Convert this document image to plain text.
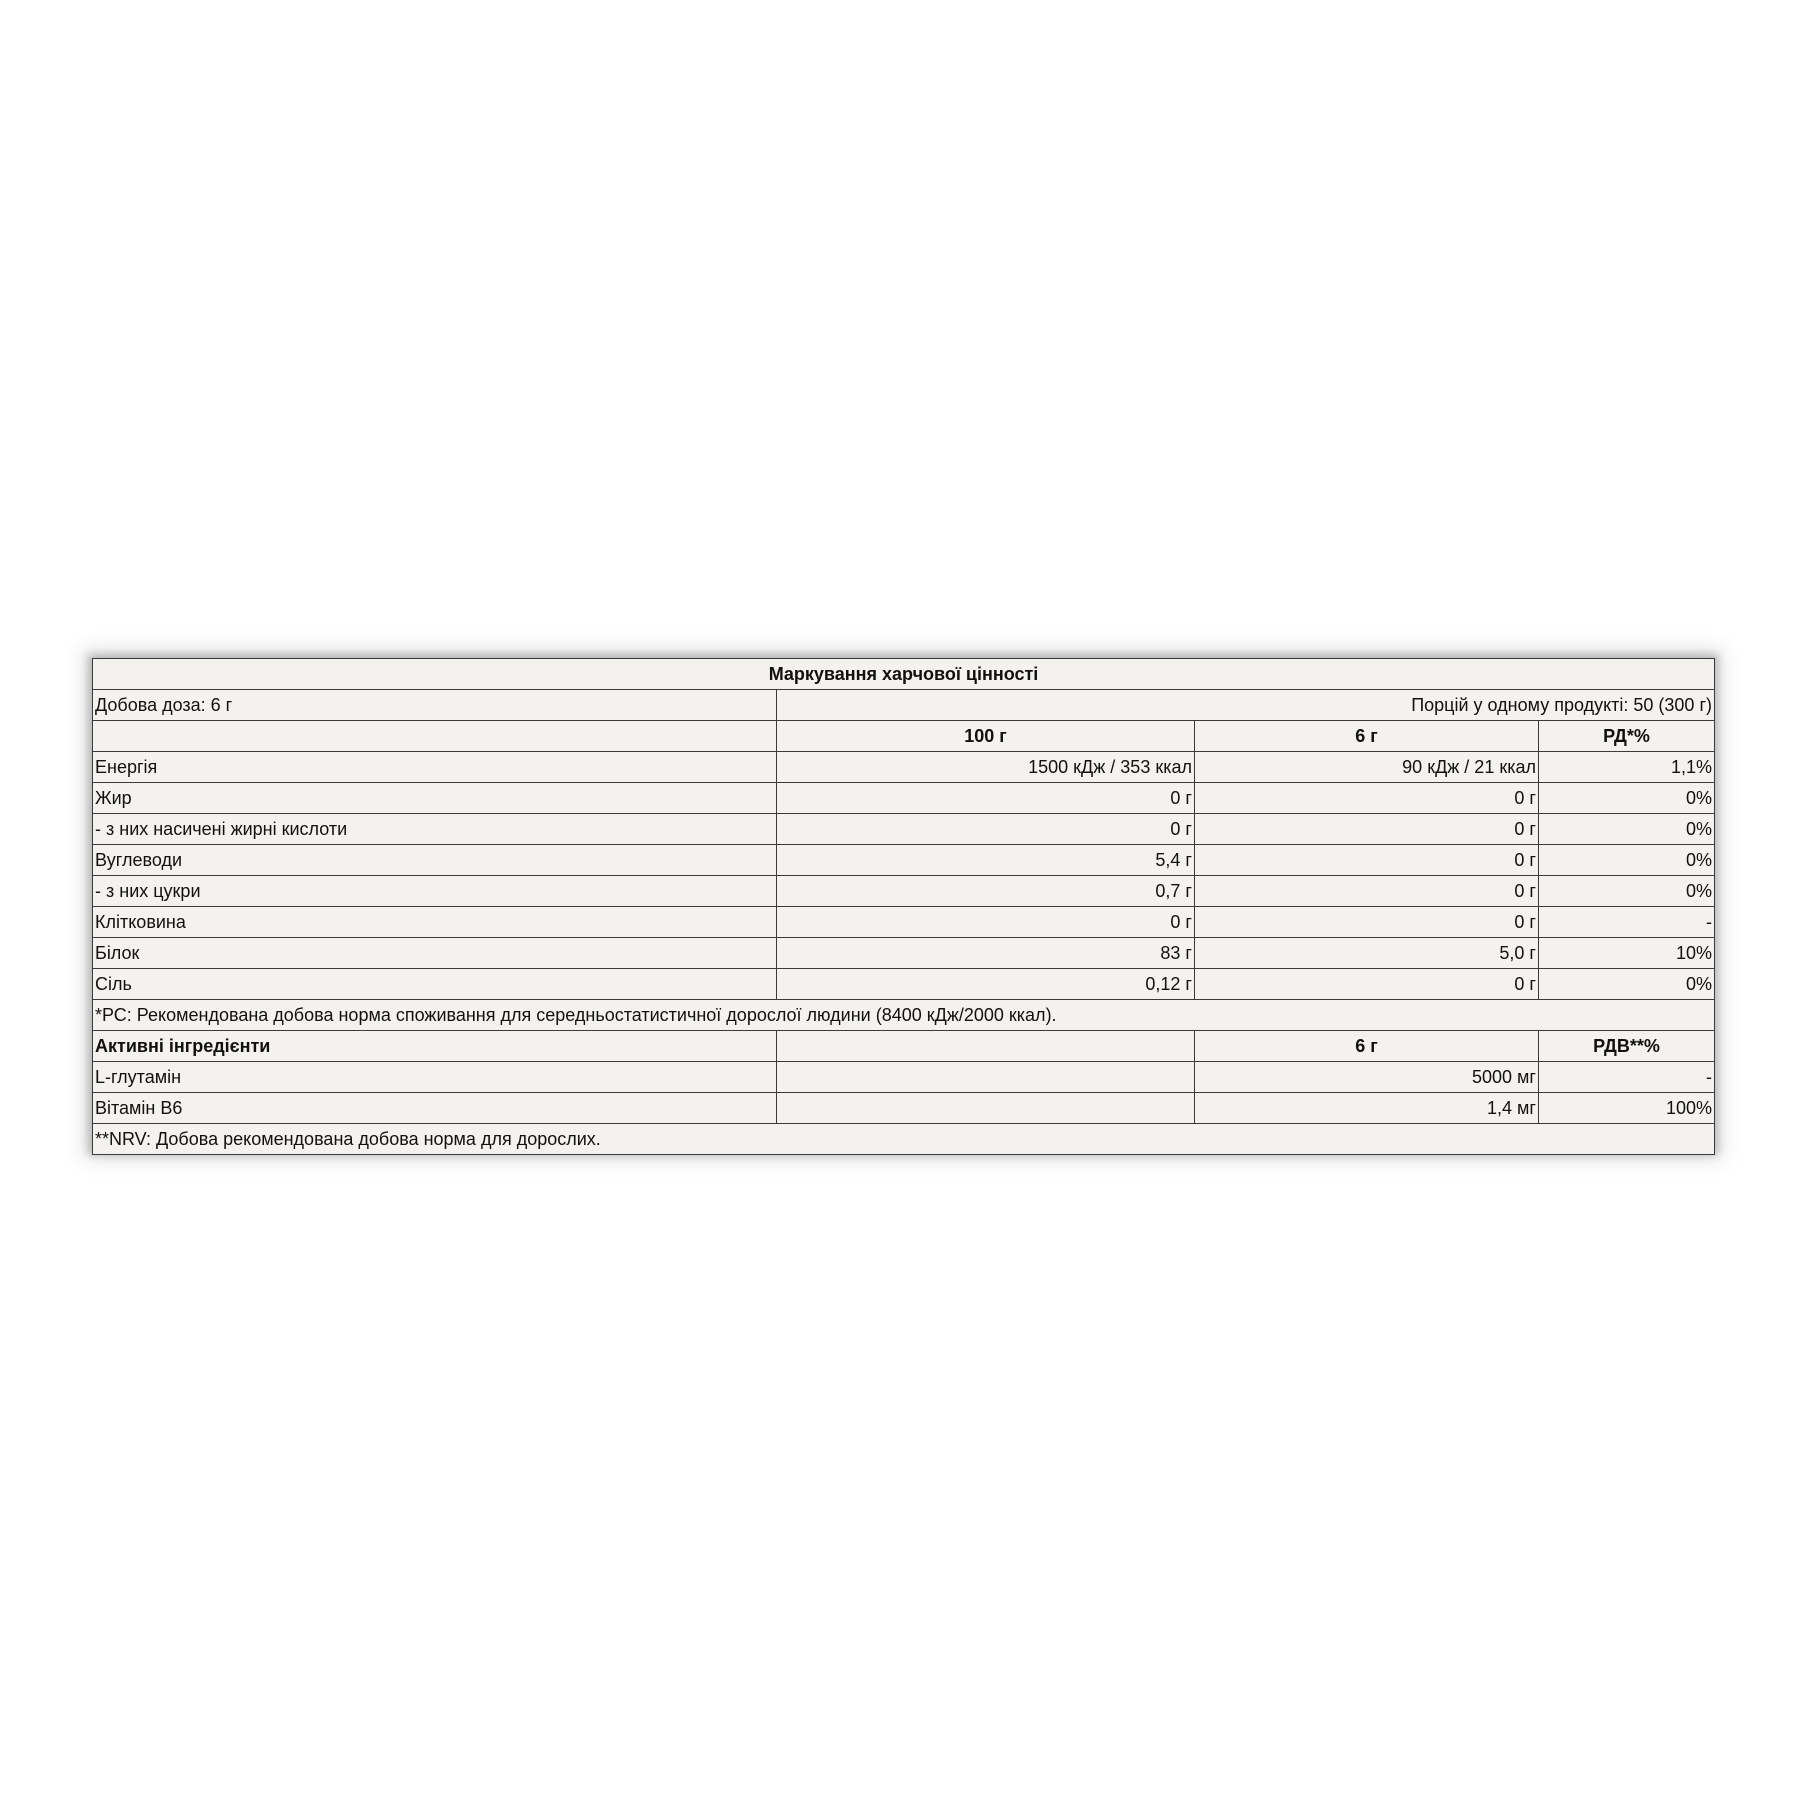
Маркування харчової цінності			
Добова доза: 6 г	Порцій у одному продукті: 50 (300 г)		
	100 г	6 г	РД*%
Енергія	1500 кДж / 353 ккал	90 кДж / 21 ккал	1,1%
Жир	0 г	0 г	0%
- з них насичені жирні кислоти	0 г	0 г	0%
Вуглеводи	5,4 г	0 г	0%
- з них цукри	0,7 г	0 г	0%
Клітковина	0 г	0 г	-
Білок	83 г	5,0 г	10%
Сіль	0,12 г	0 г	0%
*РС: Рекомендована добова норма споживання для середньостатистичної дорослої людини (8400 кДж/2000 ккал).			
Активні інгредієнти		6 г	РДВ**%
L-глутамін		5000 мг	-
Вітамін B6		1,4 мг	100%
**NRV: Добова рекомендована добова норма для дорослих.			
